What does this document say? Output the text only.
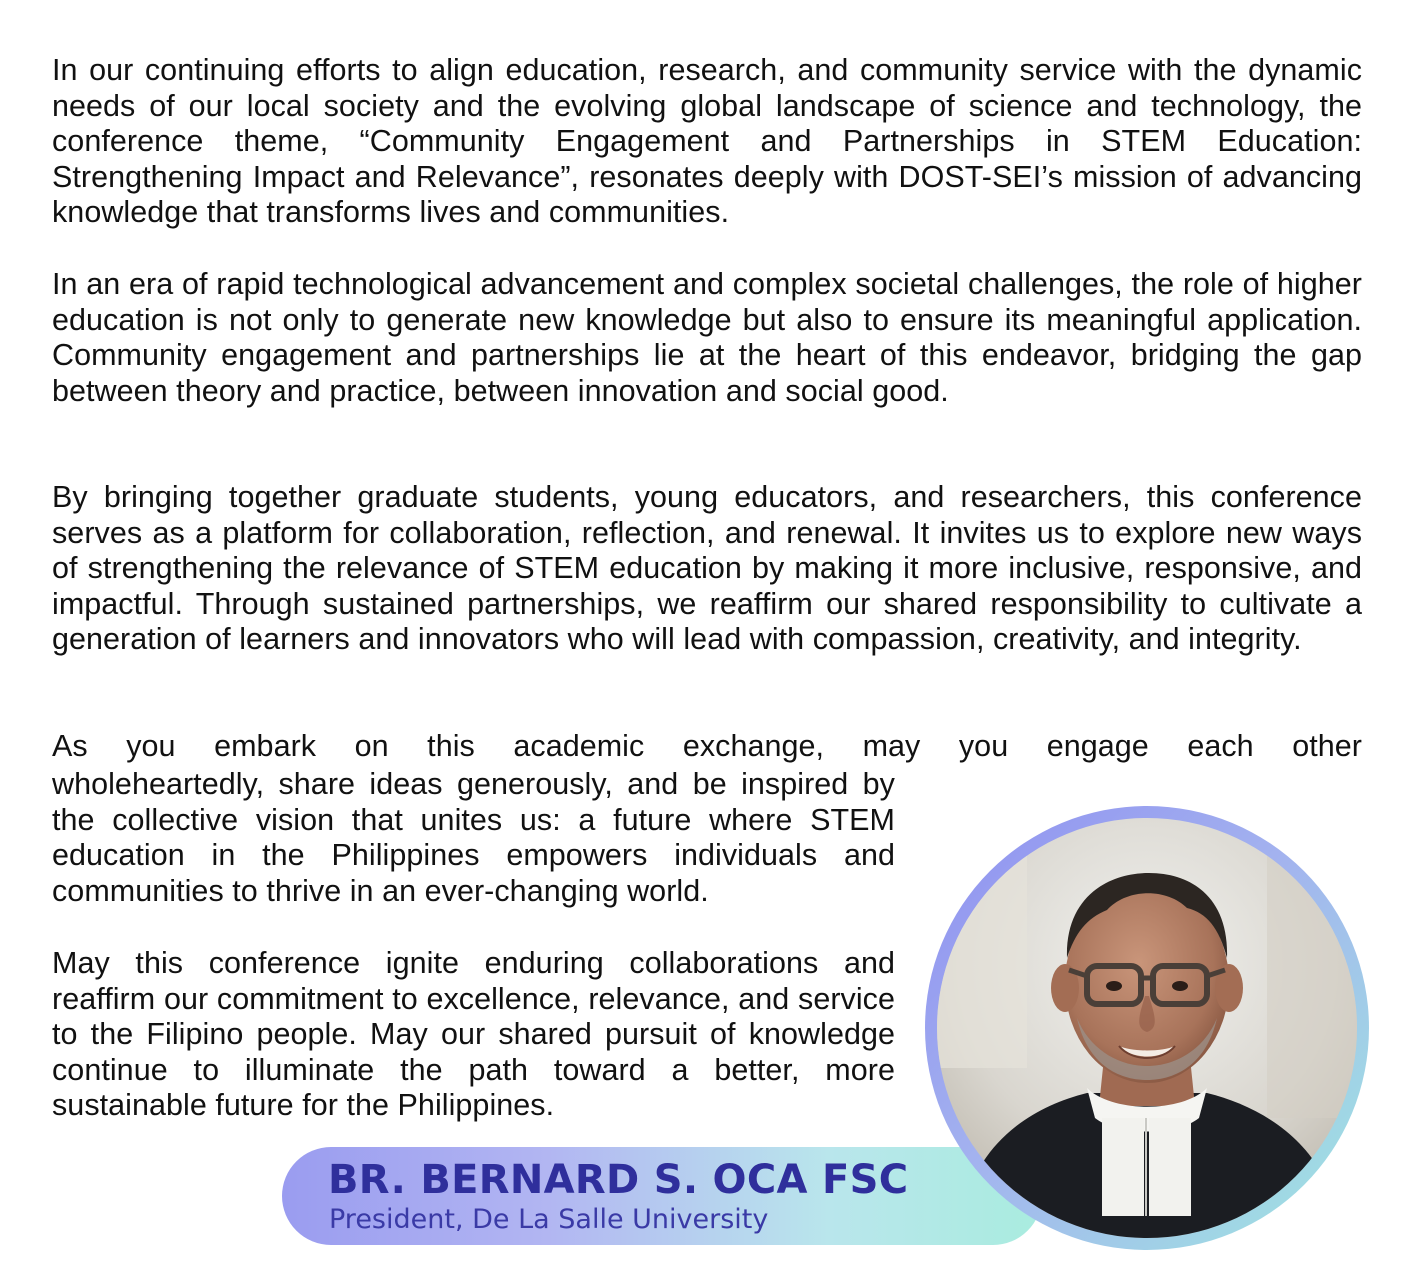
In our continuing efforts to align education, research, and community service with the dynamic needs of our local society and the evolving global landscape of science and technology, the conference theme, “Community Engagement and Partnerships in STEM Education: Strengthening Impact and Relevance”, resonates deeply with DOST-SEI’s mission of advancing knowledge that transforms lives and communities.

In an era of rapid technological advancement and complex societal challenges, the role of higher education is not only to generate new knowledge but also to ensure its meaningful application. Community engagement and partnerships lie at the heart of this endeavor, bridging the gap between theory and practice, between innovation and social good.

By bringing together graduate students, young educators, and researchers, this conference serves as a platform for collaboration, reflection, and renewal. It invites us to explore new ways of strengthening the relevance of STEM education by making it more inclusive, responsive, and impactful. Through sustained partnerships, we reaffirm our shared responsibility to cultivate a generation of learners and innovators who will lead with compassion, creativity, and integrity.

As you embark on this academic exchange, may you engage each other

wholeheartedly, share ideas generously, and be inspired by the collective vision that unites us: a future where STEM education in the Philippines empowers individuals and communities to thrive in an ever-changing world.

May this conference ignite enduring collaborations and reaffirm our commitment to excellence, relevance, and service to the Filipino people. May our shared pursuit of knowledge continue to illuminate the path toward a better, more sustainable future for the Philippines.

BR. BERNARD S. OCA FSC
President, De La Salle University
